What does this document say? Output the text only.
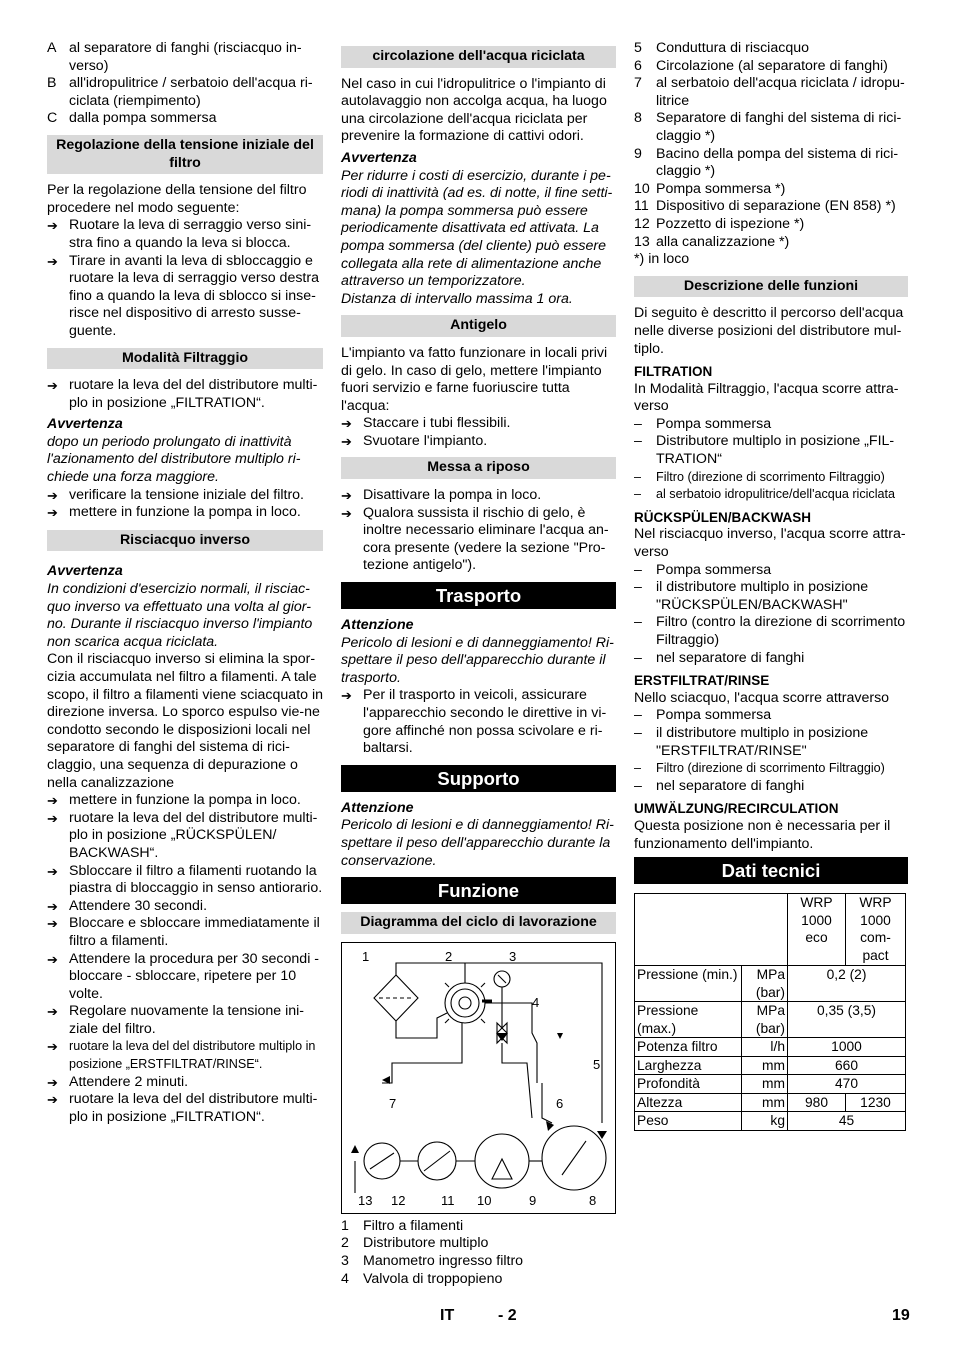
A al separatore di fanghi (risciacquo in-verso)
B all'idropulitrice / serbatoio dell'acqua ri-ciclata (riempimento)
C dalla pompa sommersa
Regolazione della tensione iniziale del filtro

Per la regolazione della tensione del filtro procedere nel modo seguente:

➔ Ruotare la leva di serraggio verso sini-stra fino a quando la leva si blocca.
➔ Tirare in avanti la leva di sbloccaggio e ruotare la leva di serraggio verso destra fino a quando la leva di sblocco si inse-risce nel dispositivo di arresto susse-guente.
Modalità Filtraggio
➔ ruotare la leva del del distributore multi-plo in posizione „FILTRATION“.
Avvertenza
dopo un periodo prolungato di inattività l'azionamento del distributore multiplo ri-chiede una forza maggiore.
➔ verificare la tensione iniziale del filtro.
➔ mettere in funzione la pompa in loco.
Risciacquo inverso
Avvertenza
In condizioni d'esercizio normali, il risciac-quo inverso va effettuato una volta al gior-no. Durante il risciacquo inverso l'impianto non scarica acqua riciclata.

Con il risciacquo inverso si elimina la spor-cizia accumulata nel filtro a filamenti. A tale scopo, il filtro a filamenti viene sciacquato in direzione inversa. Lo sporco espulso vie-ne condotto secondo le disposizioni locali nel separatore di fanghi del sistema di rici-claggio, una sequenza di depurazione o nella canalizzazione

➔ mettere in funzione la pompa in loco.
➔ ruotare la leva del del distributore multi-plo in posizione „RÜCKSPÜLEN/ BACKWASH“.
➔ Sbloccare il filtro a filamenti ruotando la piastra di bloccaggio in senso antiorario.
➔ Attendere 30 secondi.
➔ Bloccare e sbloccare immediatamente il filtro a filamenti.
➔ Attendere la procedura per 30 secondi - bloccare - sbloccare, ripetere per 10 volte.
➔ Regolare nuovamente la tensione ini-ziale del filtro.
➔ ruotare la leva del del distributore multiplo in posizione „ERSTFILTRAT/RINSE“.
➔ Attendere 2 minuti.
➔ ruotare la leva del del distributore multi-plo in posizione „FILTRATION“.
circolazione dell'acqua riciclata

Nel caso in cui l'idropulitrice o l'impianto di autolavaggio non accolga acqua, ha luogo una circolazione dell'acqua riciclata per prevenire la formazione di cattivi odori.

Avvertenza
Per ridurre i costi di esercizio, durante i pe-riodi di inattività (ad es. di notte, il fine setti-mana) la pompa sommersa può essere periodicamente disattivata ed attivata. La pompa sommersa (del cliente) può essere collegata alla rete di alimentazione anche attraverso un temporizzatore.
Distanza di intervallo massima 1 ora.
Antigelo

L'impianto va fatto funzionare in locali privi di gelo. In caso di gelo, mettere l'impianto fuori servizio e farne fuoriuscire tutta l'acqua:

➔ Staccare i tubi flessibili.
➔ Svuotare l'impianto.
Messa a riposo
➔ Disattivare la pompa in loco.
➔ Qualora sussista il rischio di gelo, è inoltre necessario eliminare l'acqua an-cora presente (vedere la sezione "Pro-tezione antigelo").
Trasporto
Attenzione
Pericolo di lesioni e di danneggiamento! Ri-spettare il peso dell'apparecchio durante il trasporto.
➔ Per il trasporto in veicoli, assicurare l'apparecchio secondo le direttive in vi-gore affinché non possa scivolare e ri-baltarsi.
Supporto
Attenzione
Pericolo di lesioni e di danneggiamento! Ri-spettare il peso dell'apparecchio durante la conservazione.
Funzione
Diagramma del ciclo di lavorazione
1	2	3
4
5
6
7
8
9
10
11
12
13
1 Filtro a filamenti
2 Distributore multiplo
3 Manometro ingresso filtro
4 Valvola di troppopieno
5 Conduttura di risciacquo
6 Circolazione (al separatore di fanghi)
7 al serbatoio dell'acqua riciclata / idropu-litrice
8 Separatore di fanghi del sistema di rici-claggio *)
9 Bacino della pompa del sistema di rici-claggio *)
10 Pompa sommersa *)
11 Dispositivo di separazione (EN 858) *)
12 Pozzetto di ispezione *)
13 alla canalizzazione *)

*) in loco

Descrizione delle funzioni

Di seguito è descritto il percorso dell'acqua nelle diverse posizioni del distributore mul-tiplo.

FILTRATION

In Modalità Filtraggio, l'acqua scorre attra-verso

– Pompa sommersa
– Distributore multiplo in posizione „FIL-TRATION“
–	Filtro (direzione di scorrimento Filtraggio)
–	al serbatoio idropulitrice/dell'acqua riciclata
RÜCKSPÜLEN/BACKWASH

Nel risciacquo inverso, l'acqua scorre attra-verso

– Pompa sommersa
– il distributore multiplo in posizione "RÜCKSPÜLEN/BACKWASH"
– Filtro (contro la direzione di scorrimento Filtraggio)
– nel separatore di fanghi
ERSTFILTRAT/RINSE

Nello sciacquo, l'acqua scorre attraverso

– Pompa sommersa
– il distributore multiplo in posizione "ERSTFILTRAT/RINSE"
–	Filtro (direzione di scorrimento Filtraggio)
– nel separatore di fanghi
UMWÄLZUNG/RECIRCULATION

Questa posizione non è necessaria per il funzionamento dell'impianto.

Dati tecnici
		WRP 1000 eco	WRP 1000 com-pact
Pressione (min.)	MPa (bar)	0,2 (2)	
Pressione (max.)	MPa (bar)	0,35 (3,5)	
Potenza filtro	l/h	1000	
Larghezza	mm	660	
Profondità	mm	470	
Altezza	mm	980	1230
Peso	kg	45	
IT	- 2	19
